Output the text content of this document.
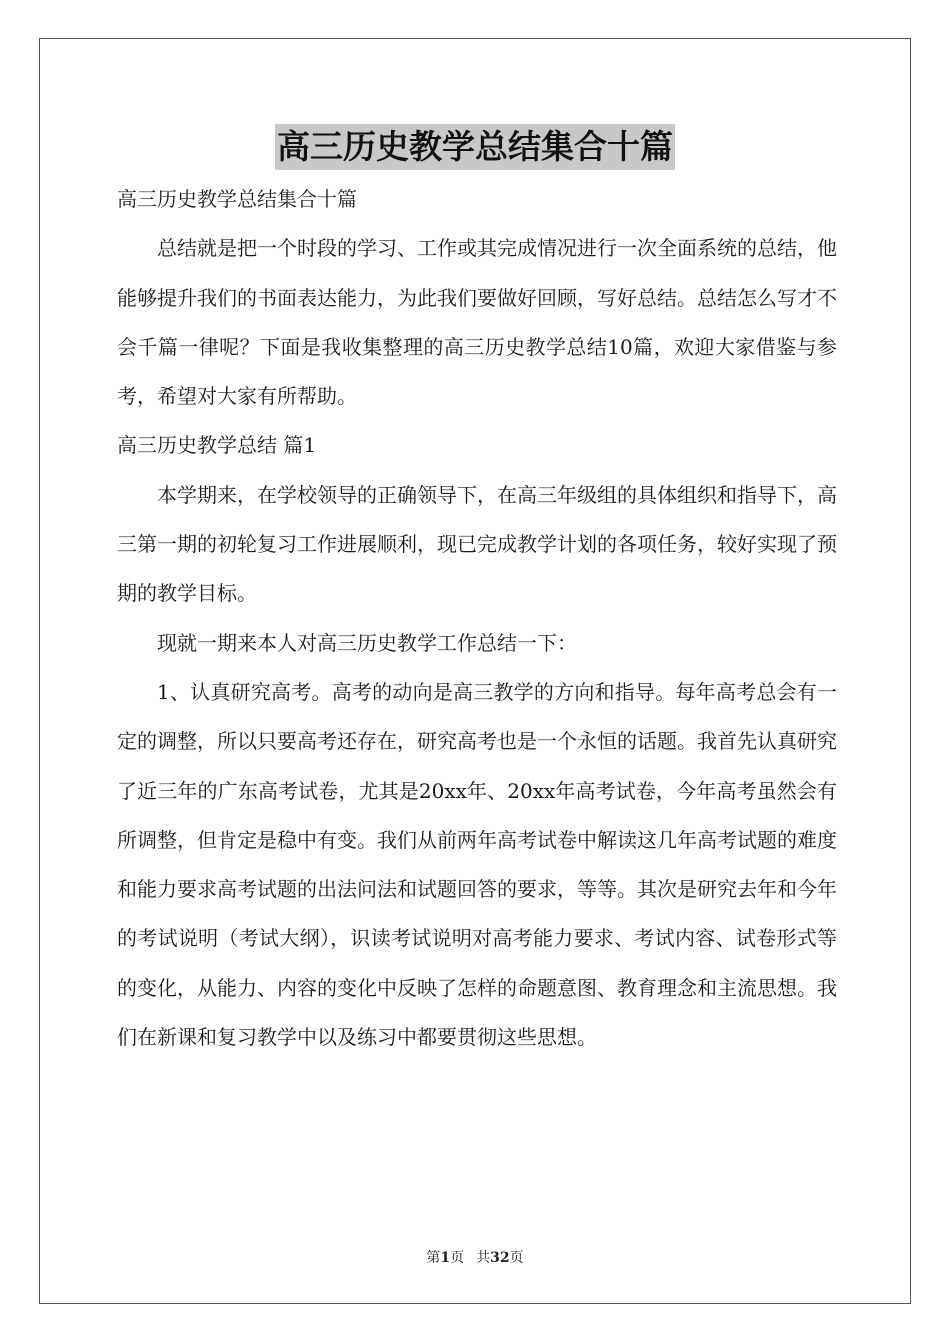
高三历史教学总结集合十篇

高三历史教学总结集合十篇

总结就是把一个时段的学习、工作或其完成情况进行一次全面系统的总结，他能够提升我们的书面表达能力，为此我们要做好回顾，写好总结。总结怎么写才不会千篇一律呢？下面是我收集整理的高三历史教学总结10篇，欢迎大家借鉴与参考，希望对大家有所帮助。

高三历史教学总结 篇1

本学期来，在学校领导的正确领导下，在高三年级组的具体组织和指导下，高三第一期的初轮复习工作进展顺利，现已完成教学计划的各项任务，较好实现了预期的教学目标。

现就一期来本人对高三历史教学工作总结一下：

1、认真研究高考。高考的动向是高三教学的方向和指导。每年高考总会有一定的调整，所以只要高考还存在，研究高考也是一个永恒的话题。我首先认真研究了近三年的广东高考试卷，尤其是20xx年、20xx年高考试卷，今年高考虽然会有所调整，但肯定是稳中有变。我们从前两年高考试卷中解读这几年高考试题的难度和能力要求高考试题的出法问法和试题回答的要求，等等。其次是研究去年和今年的考试说明（考试大纲），识读考试说明对高考能力要求、考试内容、试卷形式等的变化，从能力、内容的变化中反映了怎样的命题意图、教育理念和主流思想。我们在新课和复习教学中以及练习中都要贯彻这些思想。

第1页 共32页
